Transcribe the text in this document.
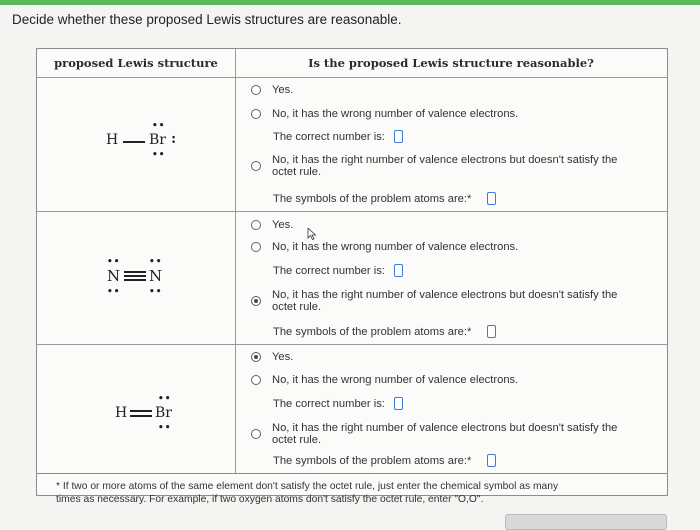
Decide whether these proposed Lewis structures are reasonable.
proposed Lewis structure	Is the proposed Lewis structure reasonable?
H
••
Br :
••
Yes.
No, it has the wrong number of valence electrons.
The correct number is:
No, it has the right number of valence electrons but doesn't satisfy the
octet rule.
The symbols of the problem atoms are:*
••
N
••
••
N
••
Yes.
No, it has the wrong number of valence electrons.
The correct number is:
No, it has the right number of valence electrons but doesn't satisfy the
octet rule.
The symbols of the problem atoms are:*
H
••
Br
••
Yes.
No, it has the wrong number of valence electrons.
The correct number is:
No, it has the right number of valence electrons but doesn't satisfy the
octet rule.
The symbols of the problem atoms are:*
* If two or more atoms of the same element don't satisfy the octet rule, just enter the chemical symbol as many
times as necessary. For example, if two oxygen atoms don't satisfy the octet rule, enter "O,O".
